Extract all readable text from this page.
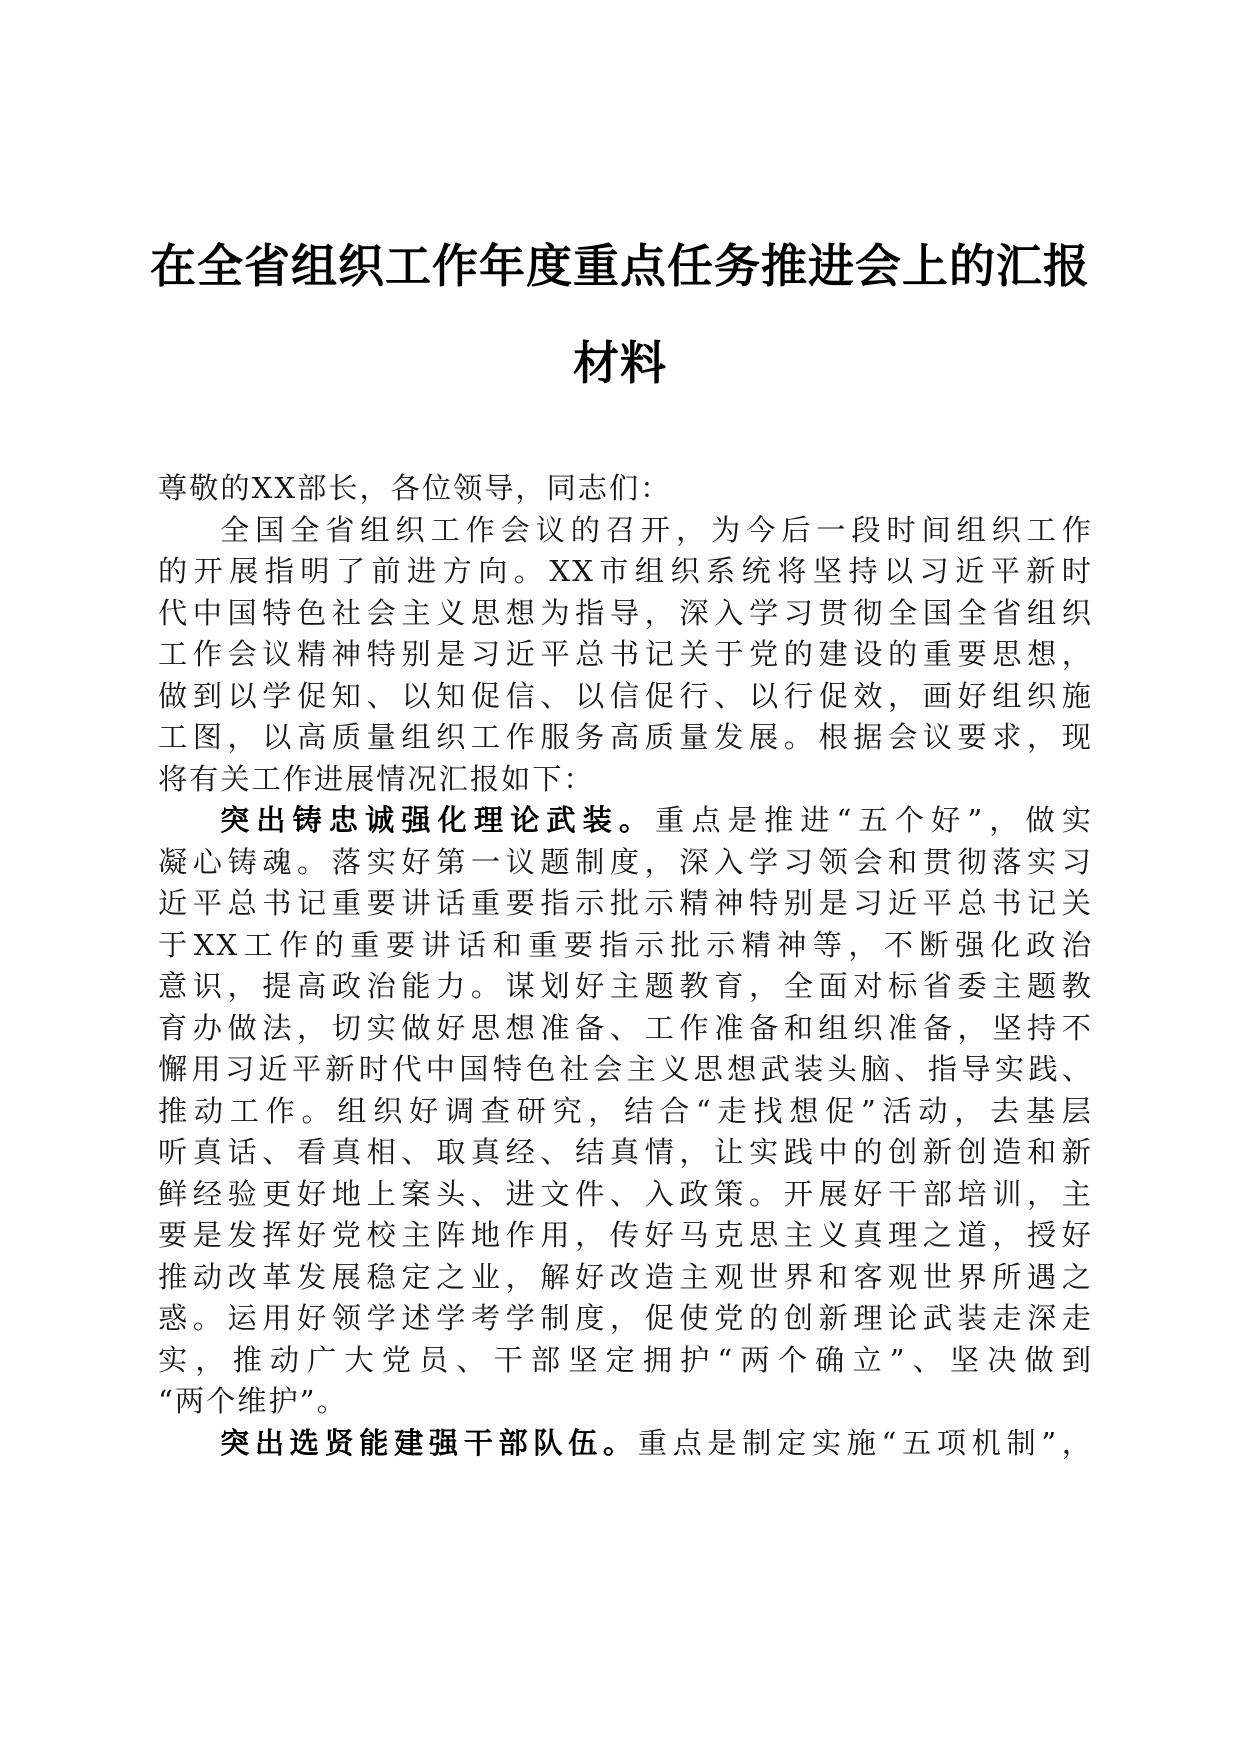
在全省组织工作年度重点任务推进会上的汇报
材料
尊敬的XX部长，各位领导，同志们：
全国全省组织工作会议的召开，为今后一段时间组织工作
的开展指明了前进方向。XX市组织系统将坚持以习近平新时
代中国特色社会主义思想为指导，深入学习贯彻全国全省组织
工作会议精神特别是习近平总书记关于党的建设的重要思想，
做到以学促知、以知促信、以信促行、以行促效，画好组织施
工图，以高质量组织工作服务高质量发展。根据会议要求，现
将有关工作进展情况汇报如下：
突出铸忠诚强化理论武装。重点是推进“五个好”，做实
凝心铸魂。落实好第一议题制度，深入学习领会和贯彻落实习
近平总书记重要讲话重要指示批示精神特别是习近平总书记关
于XX工作的重要讲话和重要指示批示精神等，不断强化政治
意识，提高政治能力。谋划好主题教育，全面对标省委主题教
育办做法，切实做好思想准备、工作准备和组织准备，坚持不
懈用习近平新时代中国特色社会主义思想武装头脑、指导实践、
推动工作。组织好调查研究，结合“走找想促”活动，去基层
听真话、看真相、取真经、结真情，让实践中的创新创造和新
鲜经验更好地上案头、进文件、入政策。开展好干部培训，主
要是发挥好党校主阵地作用，传好马克思主义真理之道，授好
推动改革发展稳定之业，解好改造主观世界和客观世界所遇之
惑。运用好领学述学考学制度，促使党的创新理论武装走深走
实，推动广大党员、干部坚定拥护“两个确立”、坚决做到
“两个维护”。
突出选贤能建强干部队伍。重点是制定实施“五项机制”，
